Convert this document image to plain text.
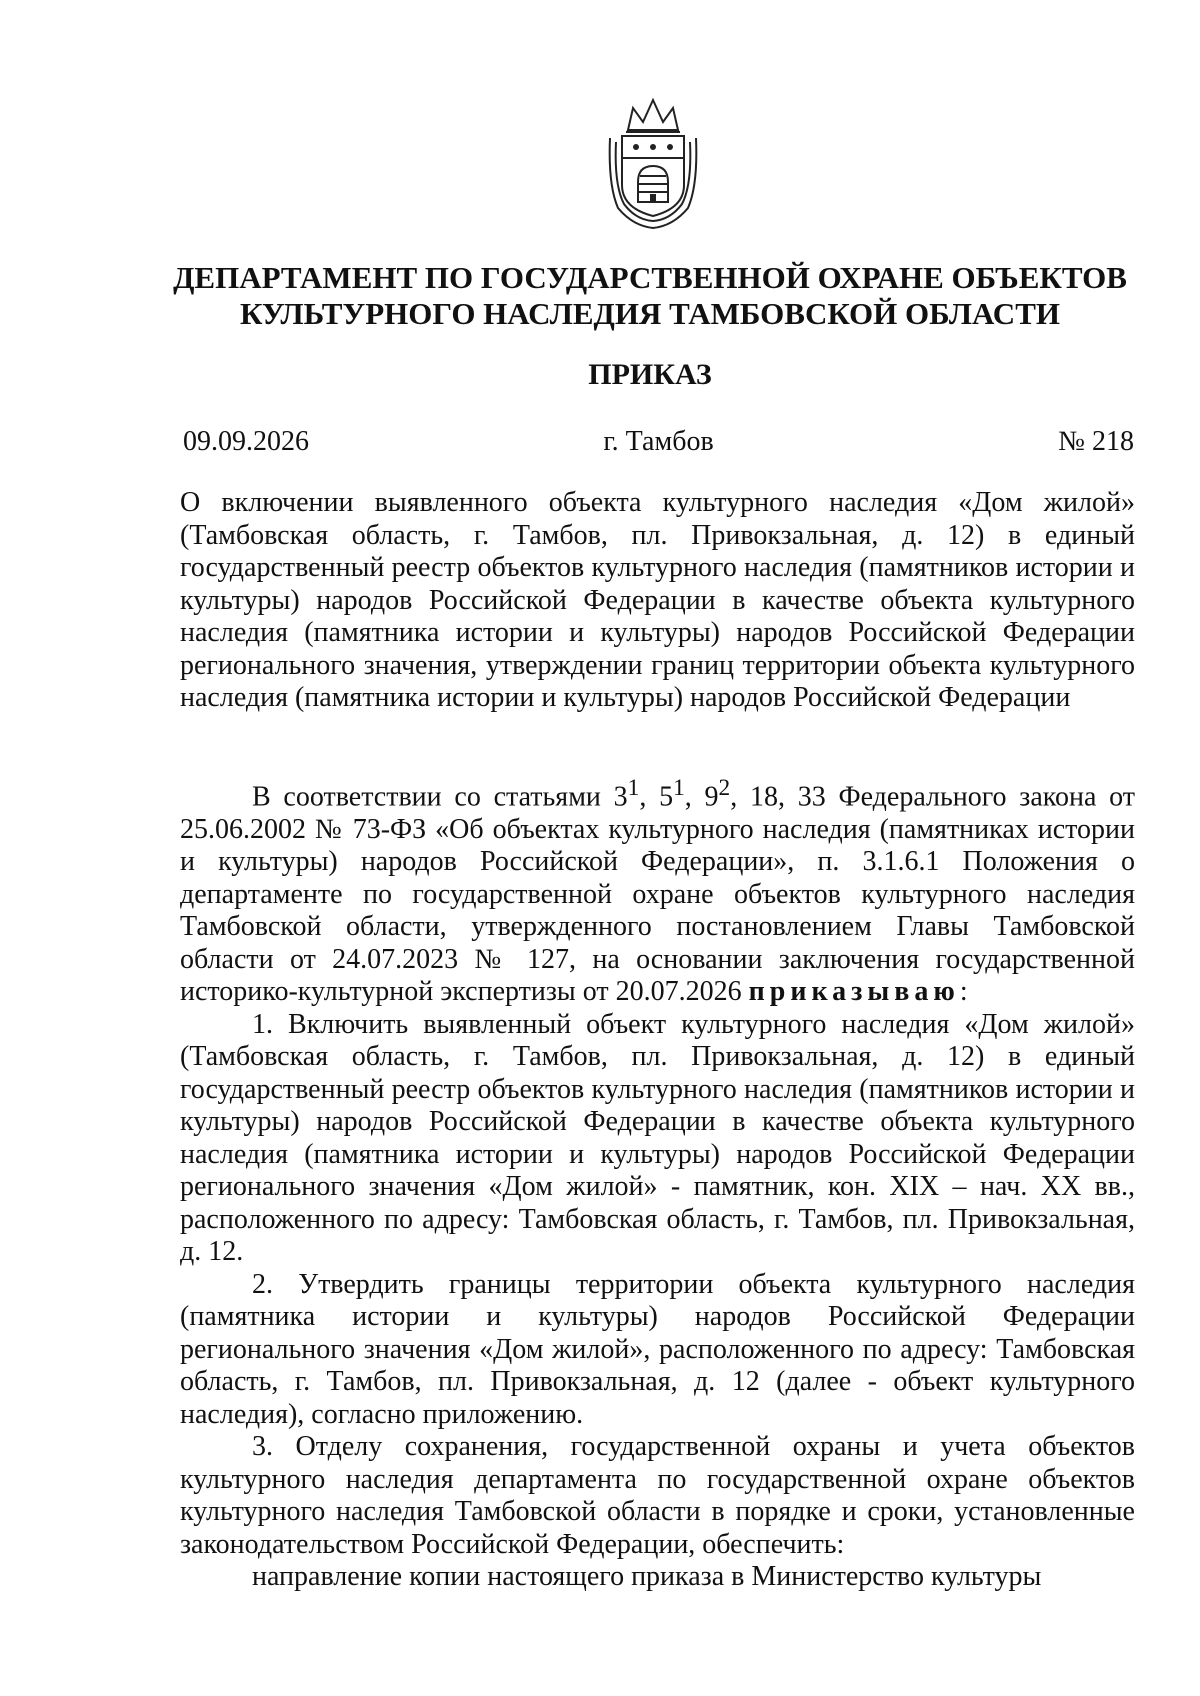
ДЕПАРТАМЕНТ ПО ГОСУДАРСТВЕННОЙ ОХРАНЕ ОБЪЕКТОВ КУЛЬТУРНОГО НАСЛЕДИЯ ТАМБОВСКОЙ ОБЛАСТИ
ПРИКАЗ
г. Тамбов
09.09.2026	№ 218
О включении выявленного объекта культурного наследия «Дом жилой» (Тамбовская область, г. Тамбов, пл. Привокзальная, д. 12) в единый государственный реестр объектов культурного наследия (памятников истории и культуры) народов Российской Федерации в качестве объекта культурного наследия (памятника истории и культуры) народов Российской Федерации регионального значения, утверждении границ территории объекта культурного наследия (памятника истории и культуры) народов Российской Федерации

В соответствии со статьями $3^1$, $5^1$, $9^2$, 18, 33 Федерального закона от 25.06.2002 № 73-ФЗ «Об объектах культурного наследия (памятниках истории и культуры) народов Российской Федерации», п. 3.1.6.1 Положения о департаменте по государственной охране объектов культурного наследия Тамбовской области, утвержденного постановлением Главы Тамбовской области от 24.07.2023 № 127, на основании заключения государственной историко-культурной экспертизы от 20.07.2026 приказываю:

1. Включить выявленный объект культурного наследия «Дом жилой» (Тамбовская область, г. Тамбов, пл. Привокзальная, д. 12) в единый государственный реестр объектов культурного наследия (памятников истории и культуры) народов Российской Федерации в качестве объекта культурного наследия (памятника истории и культуры) народов Российской Федерации регионального значения «Дом жилой» - памятник, кон. XIX – нач. XX вв., расположенного по адресу: Тамбовская область, г. Тамбов, пл. Привокзальная, д. 12.

2. Утвердить границы территории объекта культурного наследия (памятника истории и культуры) народов Российской Федерации регионального значения «Дом жилой», расположенного по адресу: Тамбовская область, г. Тамбов, пл. Привокзальная, д. 12 (далее - объект культурного наследия), согласно приложению.

3. Отделу сохранения, государственной охраны и учета объектов культурного наследия департамента по государственной охране объектов культурного наследия Тамбовской области в порядке и сроки, установленные законодательством Российской Федерации, обеспечить:

направление копии настоящего приказа в Министерство культуры
